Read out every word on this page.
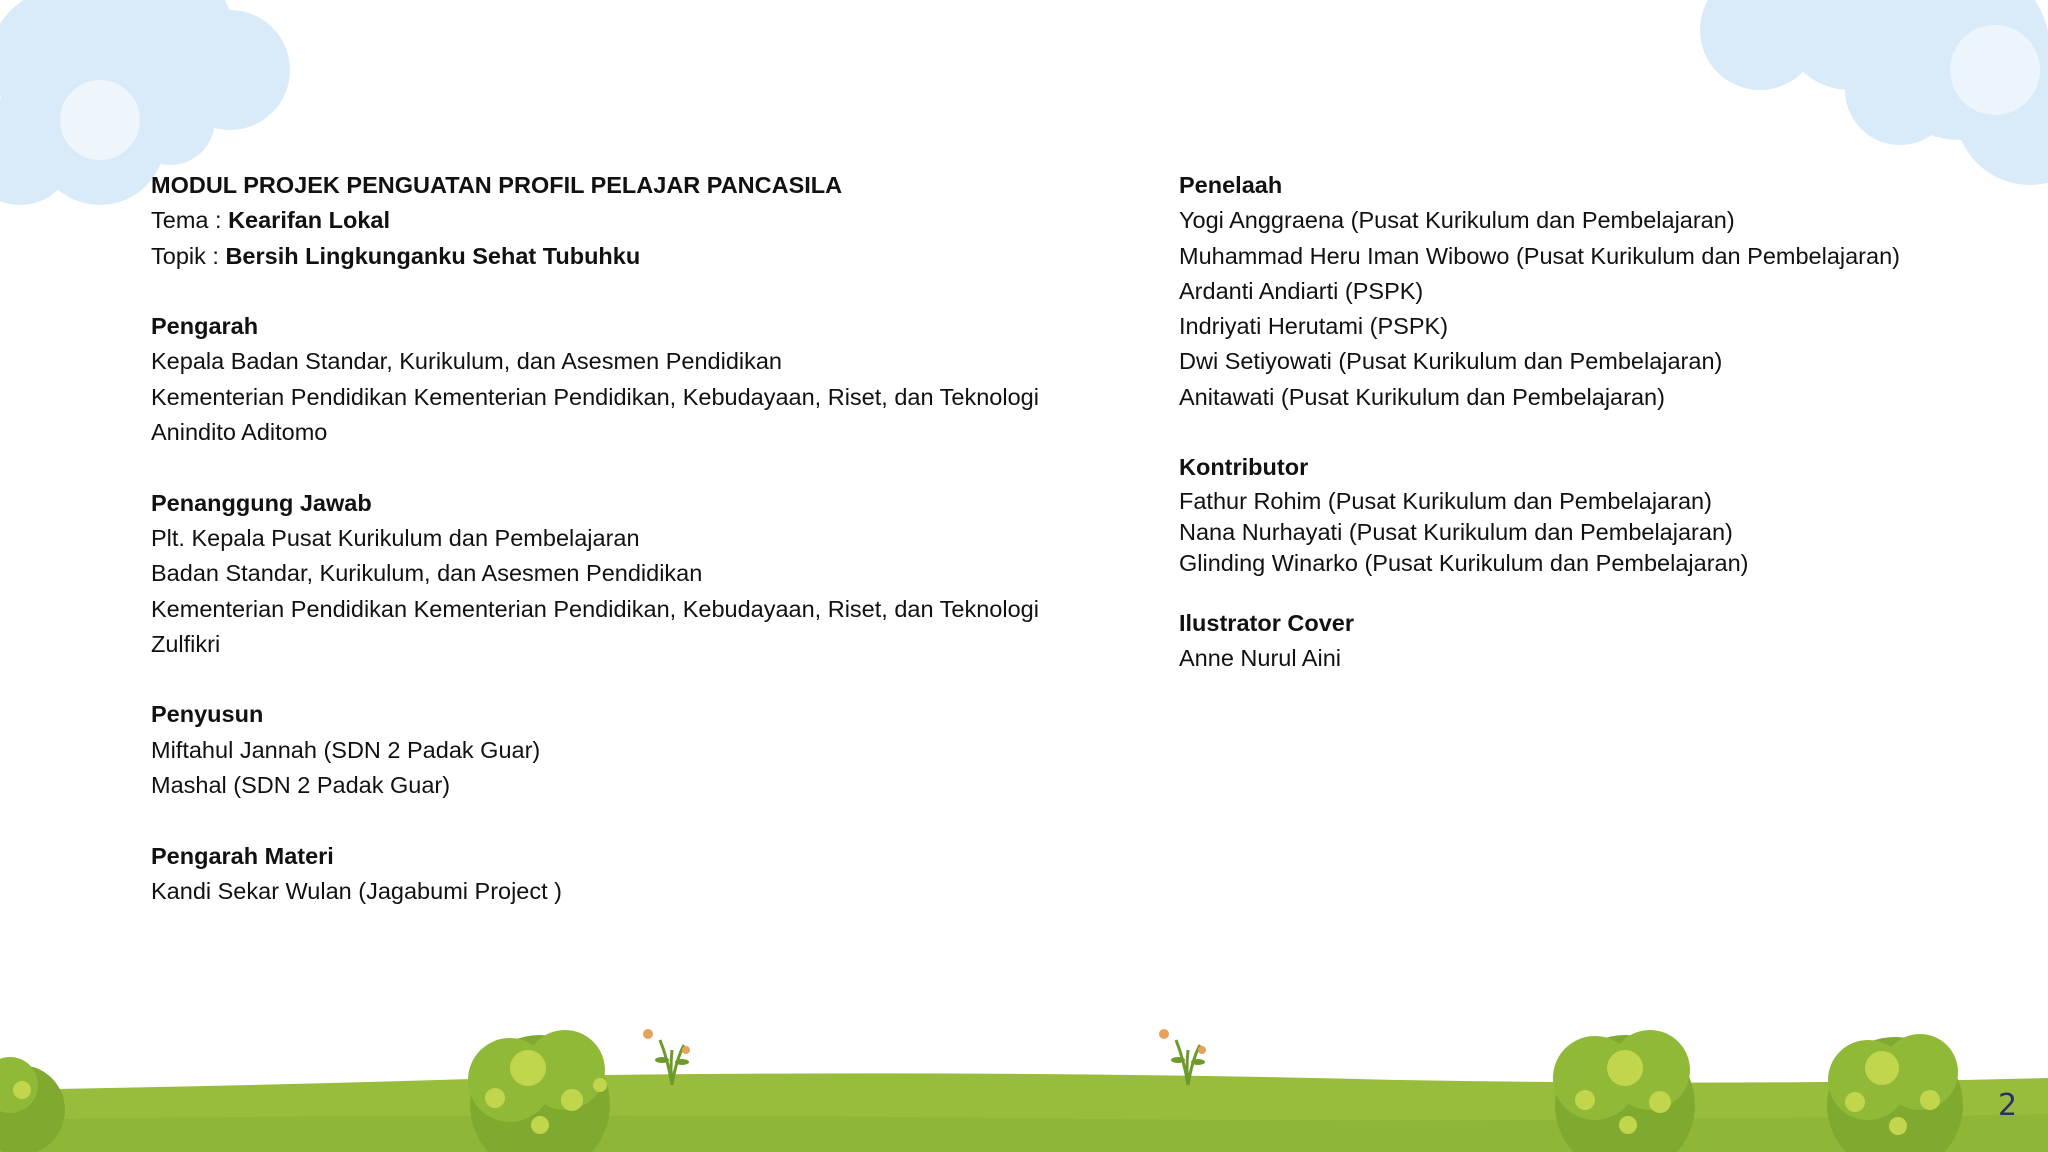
MODUL PROJEK PENGUATAN PROFIL PELAJAR PANCASILA
Tema : Kearifan Lokal
Topik : Bersih Lingkunganku Sehat Tubuhku
Pengarah
Kepala Badan Standar, Kurikulum, dan Asesmen Pendidikan
Kementerian Pendidikan Kementerian Pendidikan, Kebudayaan, Riset, dan Teknologi
Anindito Aditomo
Penanggung Jawab
Plt. Kepala Pusat Kurikulum dan Pembelajaran
Badan Standar, Kurikulum, dan Asesmen Pendidikan
Kementerian Pendidikan Kementerian Pendidikan, Kebudayaan, Riset, dan Teknologi
Zulfikri
Penyusun
Miftahul Jannah (SDN 2 Padak Guar)
Mashal (SDN 2 Padak Guar)
Pengarah Materi
Kandi Sekar Wulan (Jagabumi Project )
Penelaah
Yogi Anggraena (Pusat Kurikulum dan Pembelajaran)
Muhammad Heru Iman Wibowo (Pusat Kurikulum dan Pembelajaran)
Ardanti Andiarti (PSPK)
Indriyati Herutami (PSPK)
Dwi Setiyowati (Pusat Kurikulum dan Pembelajaran)
Anitawati (Pusat Kurikulum dan Pembelajaran)
Kontributor
Fathur Rohim (Pusat Kurikulum dan Pembelajaran)
Nana Nurhayati (Pusat Kurikulum dan Pembelajaran)
Glinding Winarko (Pusat Kurikulum dan Pembelajaran)
Ilustrator Cover
Anne Nurul Aini
2
